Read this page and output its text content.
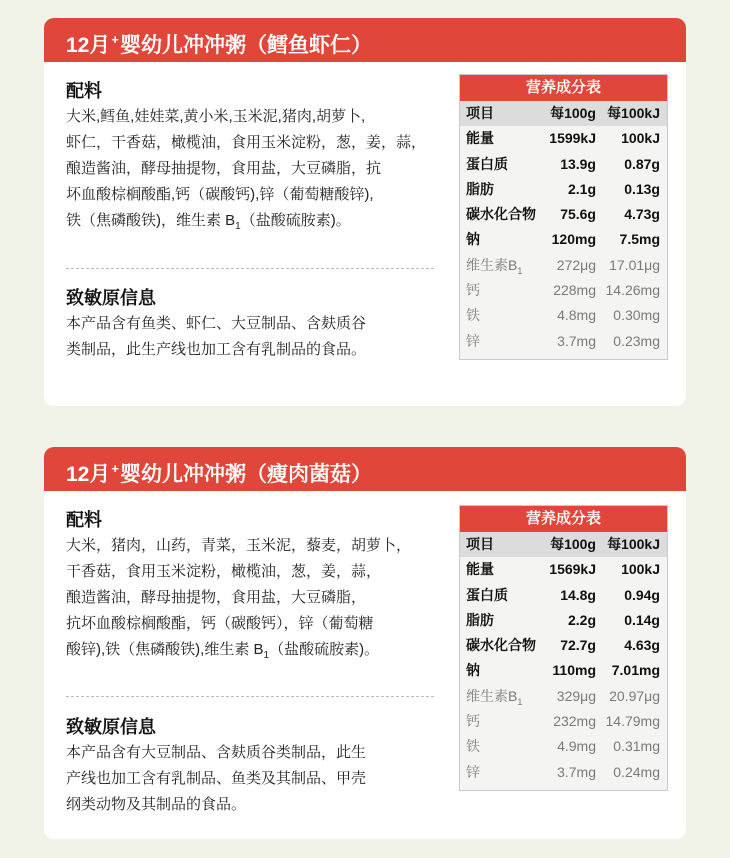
12月+婴幼儿冲冲粥（鳕鱼虾仁）
配料
大米,鳕鱼,娃娃菜,黄小米,玉米泥,猪肉,胡萝卜,
虾仁，干香菇，橄榄油，食用玉米淀粉，葱，姜，蒜，
酿造酱油，酵母抽提物，食用盐，大豆磷脂，抗
坏血酸棕榈酸酯,钙（碳酸钙),锌（葡萄糖酸锌),
铁（焦磷酸铁)，维生素 $B_1$（盐酸硫胺素)。
致敏原信息
本产品含有鱼类、虾仁、大豆制品、含麸质谷
类制品，此生产线也加工含有乳制品的食品。
营养成分表
项目	每100g 每100kJ
能量	1599kJ	100kJ
蛋白质	13.9g	0.87g
脂肪	2.1g	0.13g
碳水化合物	75.6g	4.73g
钠	120mg	7.5mg
维生素$B_1$	272μg 17.01μg
钙	228mg 14.26mg
铁	4.8mg	0.30mg
锌	3.7mg	0.23mg
12月+婴幼儿冲冲粥（瘦肉菌菇）
配料
大米，猪肉，山药，青菜，玉米泥，藜麦，胡萝卜，
干香菇，食用玉米淀粉，橄榄油，葱，姜，蒜，
酿造酱油，酵母抽提物，食用盐，大豆磷脂，
抗坏血酸棕榈酸酯，钙（碳酸钙），锌（葡萄糖
酸锌),铁（焦磷酸铁),维生素 $B_1$（盐酸硫胺素)。
致敏原信息
本产品含有大豆制品、含麸质谷类制品，此生
产线也加工含有乳制品、鱼类及其制品、甲壳
纲类动物及其制品的食品。
营养成分表
项目	每100g 每100kJ
能量	1569kJ	100kJ
蛋白质	14.8g	0.94g
脂肪	2.2g	0.14g
碳水化合物	72.7g	4.63g
钠	110mg	7.01mg
维生素$B_1$	329μg 20.97μg
钙	232mg 14.79mg
铁	4.9mg	0.31mg
锌	3.7mg	0.24mg
